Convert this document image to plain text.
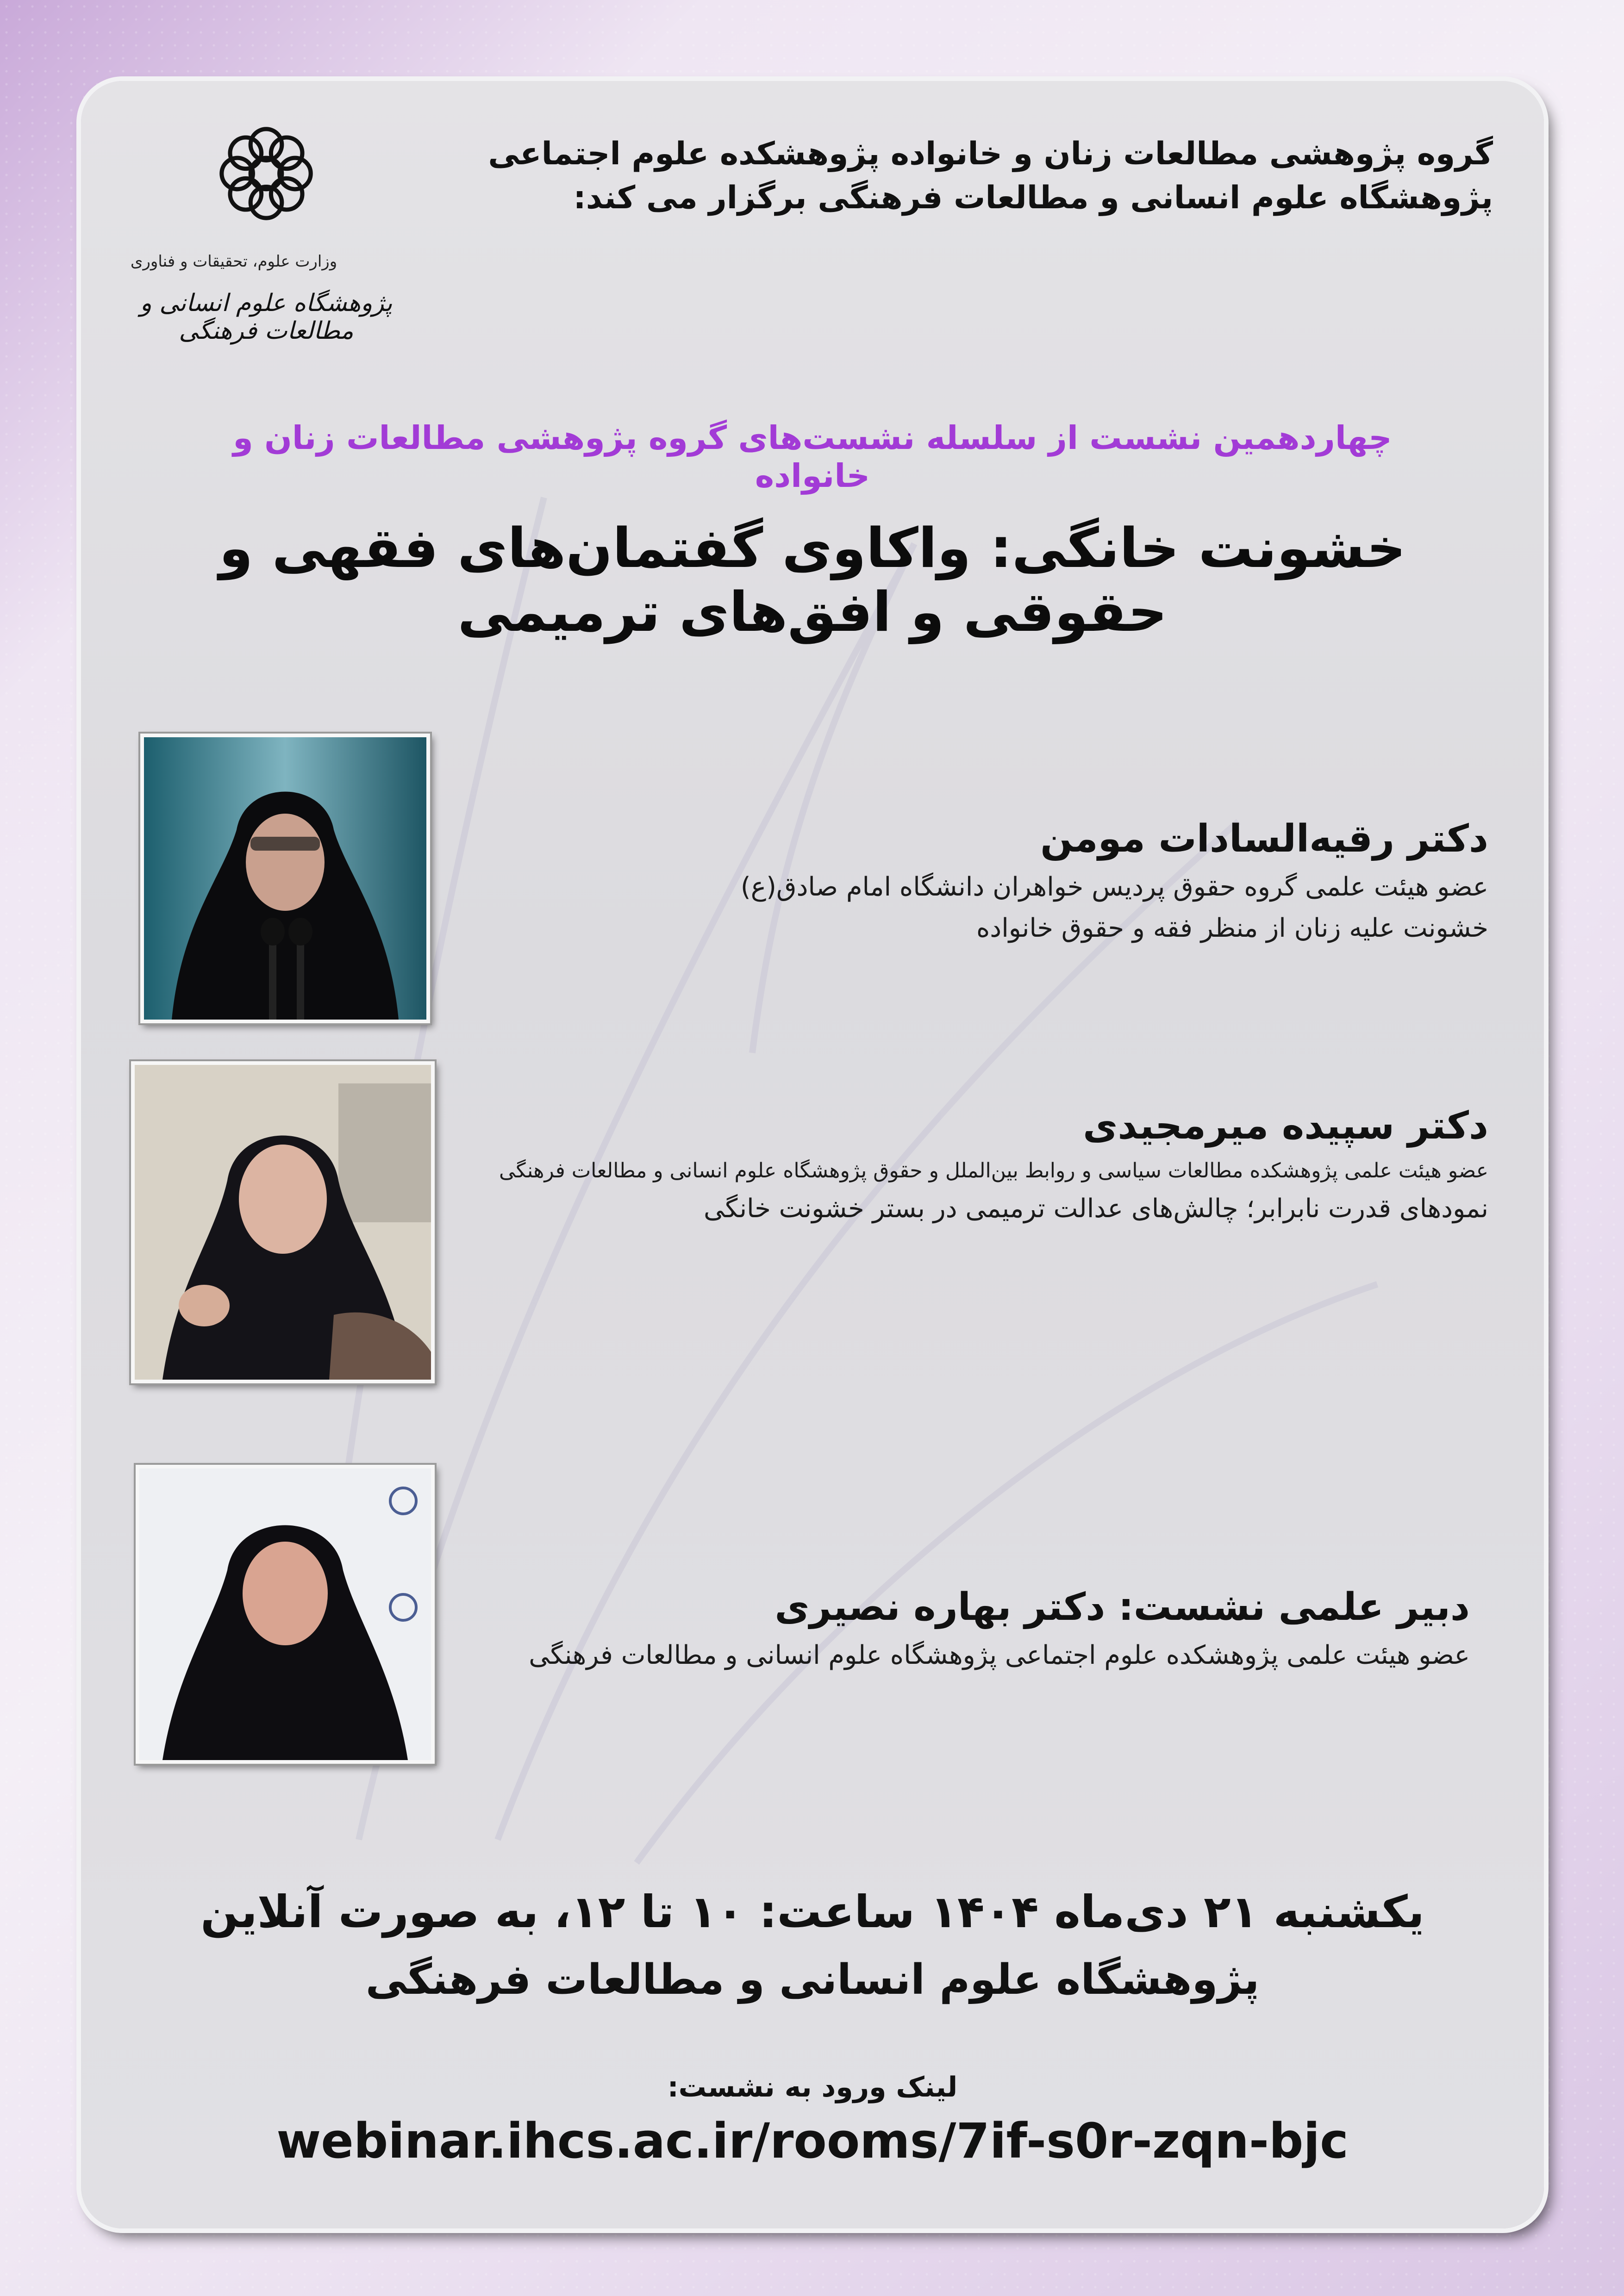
وزارت علوم، تحقیقات و فناوری
پژوهشگاه علوم انسانی و مطالعات فرهنگی
گروه پژوهشی مطالعات زنان و خانواده پژوهشکده علوم اجتماعی
پژوهشگاه علوم انسانی و مطالعات فرهنگی برگزار می کند:
چهاردهمین نشست از سلسله نشست‌های گروه پژوهشی مطالعات زنان و خانواده
خشونت خانگی: واکاوی گفتمان‌های فقهی و حقوقی و افق‌های ترمیمی
دکتر رقیه‌السادات مومن
عضو هیئت علمی گروه حقوق پردیس خواهران دانشگاه امام صادق(ع)
خشونت علیه زنان از منظر فقه و حقوق خانواده
دکتر سپیده میرمجیدی
عضو هیئت علمی پژوهشکده مطالعات سیاسی و روابط بین‌الملل و حقوق پژوهشگاه علوم انسانی و مطالعات فرهنگی
نمودهای قدرت نابرابر؛ چالش‌های عدالت ترمیمی در بستر خشونت خانگی
دبیر علمی نشست: دکتر بهاره نصیری
عضو هیئت علمی پژوهشکده علوم اجتماعی پژوهشگاه علوم انسانی و مطالعات فرهنگی
یکشنبه ۲۱ دی‌ماه ۱۴۰۴ ساعت: ۱۰ تا ۱۲، به صورت آنلاین
پژوهشگاه علوم انسانی و مطالعات فرهنگی
لینک ورود به نشست:
webinar.ihcs.ac.ir/rooms/7if-s0r-zqn-bjc
